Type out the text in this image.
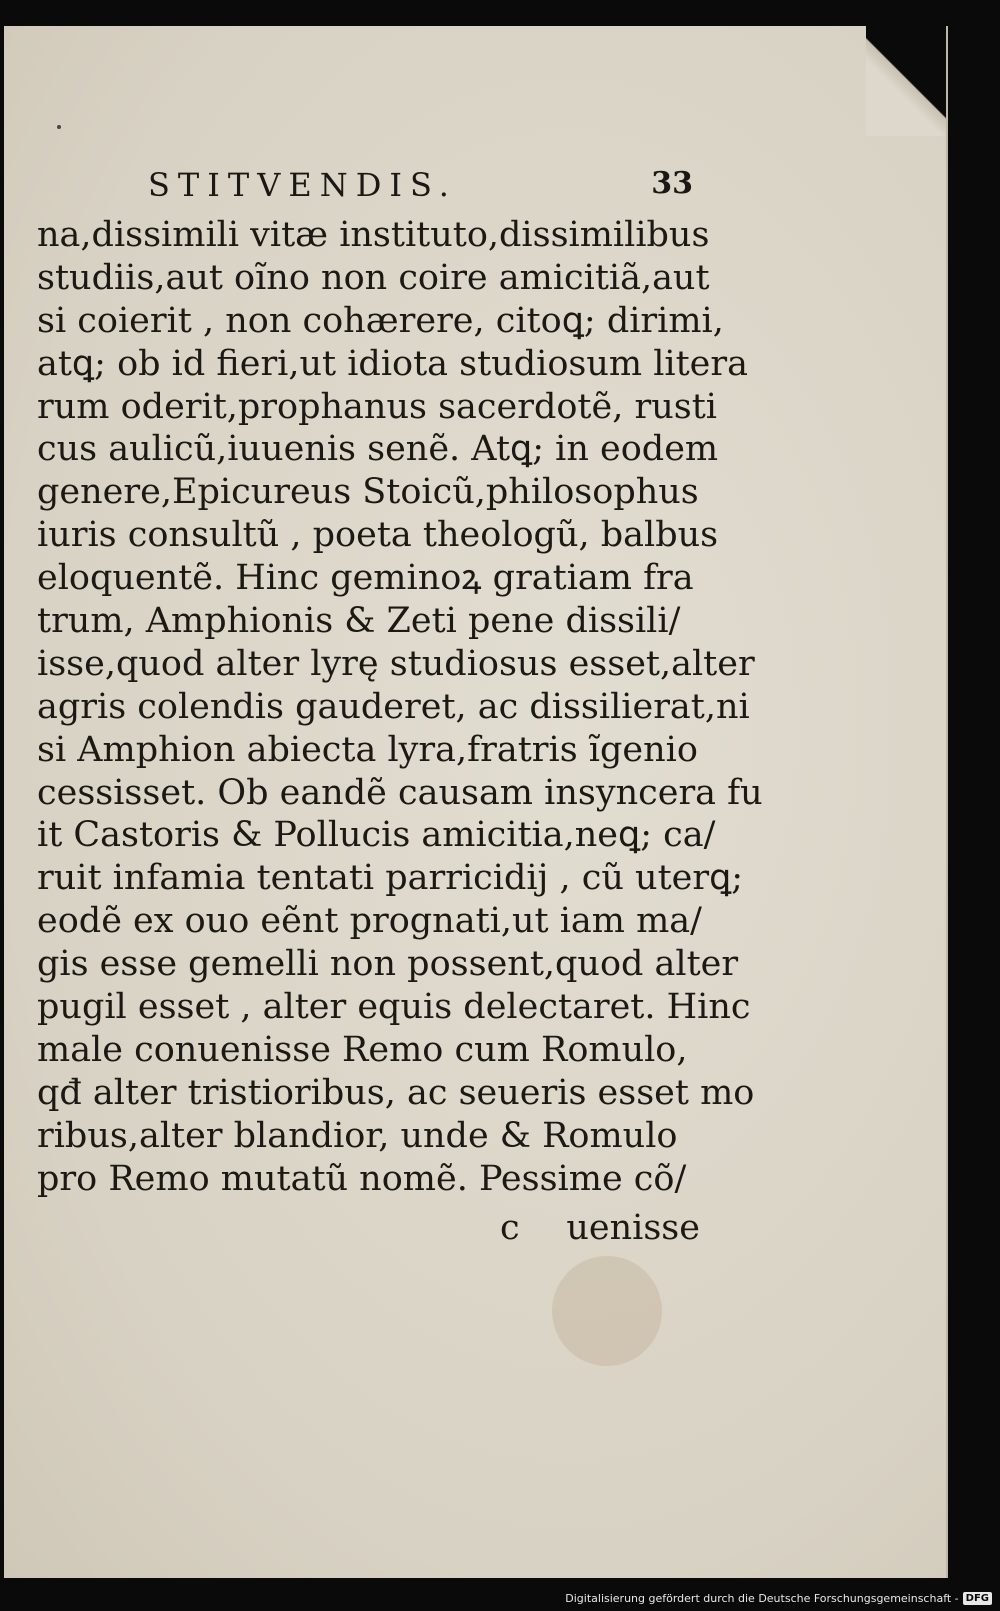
STITVENDIS.	33
na,dissimili vitæ instituto,dissimilibus
studiis,aut oĩno non coire amicitiã,aut
si coierit , non cohærere, citoꝗ; dirimi,
atꝗ; ob id fieri,ut idiota studiosum litera
rum oderit,prophanus sacerdotẽ, rusti
cus aulicũ,iuuenis senẽ. Atꝗ; in eodem
genere,Epicureus Stoicũ,philosophus
iuris consultũ , poeta theologũ, balbus
eloquentẽ. Hinc geminoꝝ gratiam fra
trum, Amphionis & Zeti pene dissili/
isse,quod alter lyrę studiosus esset,alter
agris colendis gauderet, ac dissilierat,ni
si Amphion abiecta lyra,fratris ĩgenio
cessisset. Ob eandẽ causam insyncera fu
it Castoris & Pollucis amicitia,neꝗ; ca/
ruit infamia tentati parricidij , cũ uterꝗ;
eodẽ ex ouo eẽnt prognati,ut iam ma/
gis esse gemelli non possent,quod alter
pugil esset , alter equis delectaret. Hinc
male conuenisse Remo cum Romulo,
qđ alter tristioribus, ac seueris esset mo
ribus,alter blandior, unde & Romulo
pro Remo mutatũ nomẽ. Pessime cõ/
c uenisse
Digitalisierung gefördert durch die Deutsche Forschungsgemeinschaft - DFG
